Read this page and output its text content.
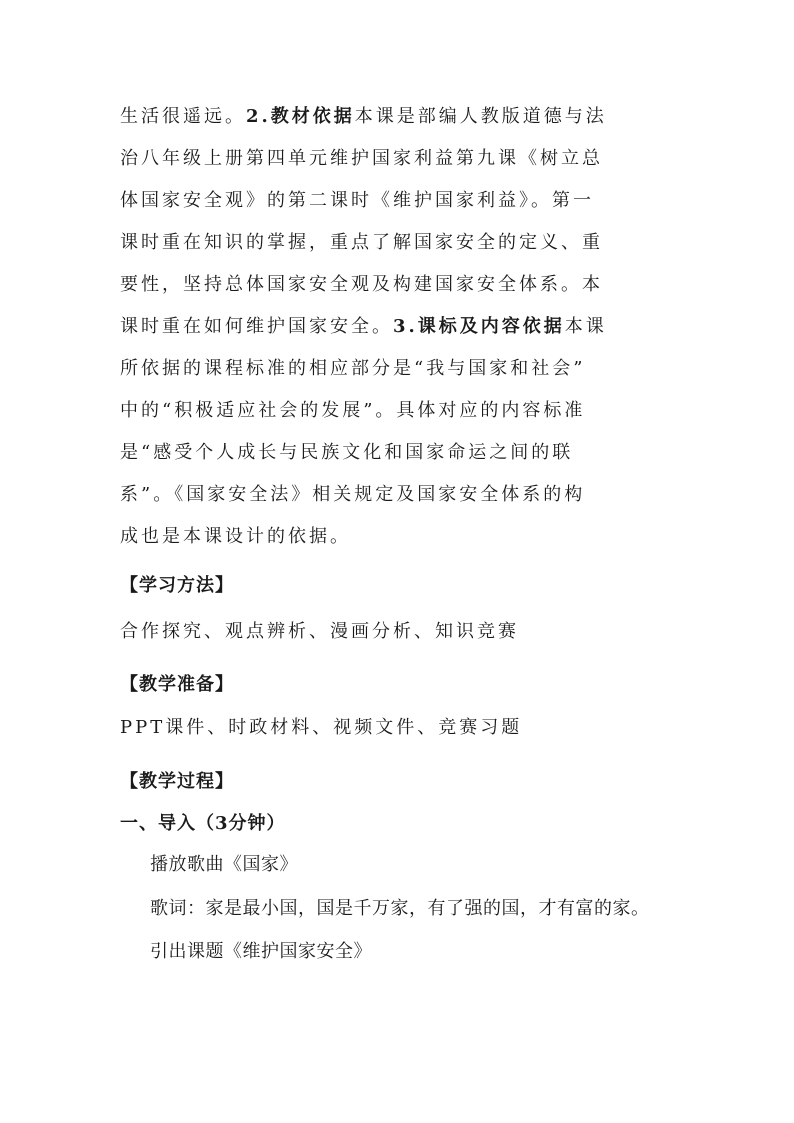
生活很遥远。2.教材依据本课是部编人教版道德与法
治八年级上册第四单元维护国家利益第九课《树立总
体国家安全观》的第二课时《维护国家利益》。第一
课时重在知识的掌握，重点了解国家安全的定义、重
要性，坚持总体国家安全观及构建国家安全体系。本
课时重在如何维护国家安全。3.课标及内容依据本课
所依据的课程标准的相应部分是“我与国家和社会”
中的“积极适应社会的发展”。具体对应的内容标准
是“感受个人成长与民族文化和国家命运之间的联
系”。《国家安全法》相关规定及国家安全体系的构
成也是本课设计的依据。
【学习方法】
合作探究、观点辨析、漫画分析、知识竞赛
【教学准备】
PPT课件、时政材料、视频文件、竞赛习题
【教学过程】
一、导入（3分钟）
播放歌曲《国家》
歌词：家是最小国，国是千万家，有了强的国，才有富的家。
引出课题《维护国家安全》
